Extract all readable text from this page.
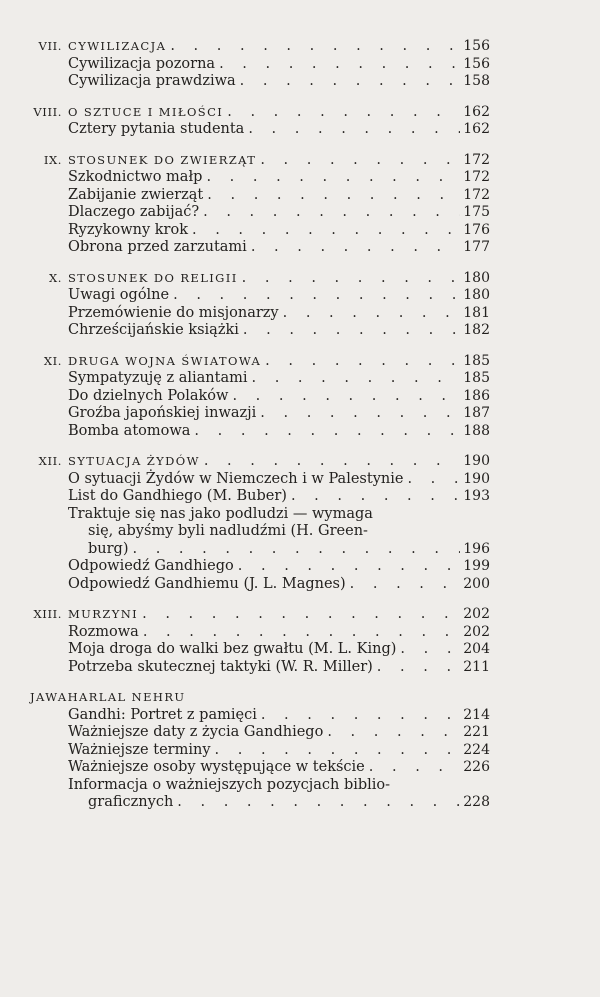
VII. CYWILIZACJA . . .	156
Cywilizacja pozorna . . .	156
Cywilizacja prawdziwa . . .	158
VIII. O SZTUCE I MIŁOŚCI . . .	162
Cztery pytania studenta . . .	162
IX. STOSUNEK DO ZWIERZĄT . . .	172
Szkodnictwo małp . . .	172
Zabijanie zwierząt . . .	172
Dlaczego zabijać? . . .	175
Ryzykowny krok . . .	176
Obrona przed zarzutami . . .	177
X. STOSUNEK DO RELIGII . . .	180
Uwagi ogólne . . .	180
Przemówienie do misjonarzy . . .	181
Chrześcijańskie książki . . .	182
XI. DRUGA WOJNA ŚWIATOWA . . .	185
Sympatyzuję z aliantami . . .	185
Do dzielnych Polaków . . .	186
Groźba japońskiej inwazji . . .	187
Bomba atomowa . . .	188
XII. SYTUACJA ŻYDÓW . . .	190
O sytuacji Żydów w Niemczech i w Palestynie . . .	190
List do Gandhiego (M. Buber) . . .	193
Traktuje się nas jako podludzi — wymaga
się, abyśmy byli nadludźmi (H. Green-
burg) . . .	196
Odpowiedź Gandhiego . . .	199
Odpowiedź Gandhiemu (J. L. Magnes) . . .	200
XIII. MURZYNI . . .	202
Rozmowa . . .	202
Moja droga do walki bez gwałtu (M. L. King) . . .	204
Potrzeba skutecznej taktyki (W. R. Miller) . . .	211
JAWAHARLAL NEHRU
Gandhi: Portret z pamięci . . .	214
Ważniejsze daty z życia Gandhiego . . .	221
Ważniejsze terminy . . .	224
Ważniejsze osoby występujące w tekście . . .	226
Informacja o ważniejszych pozycjach biblio-
graficznych . . .	228
